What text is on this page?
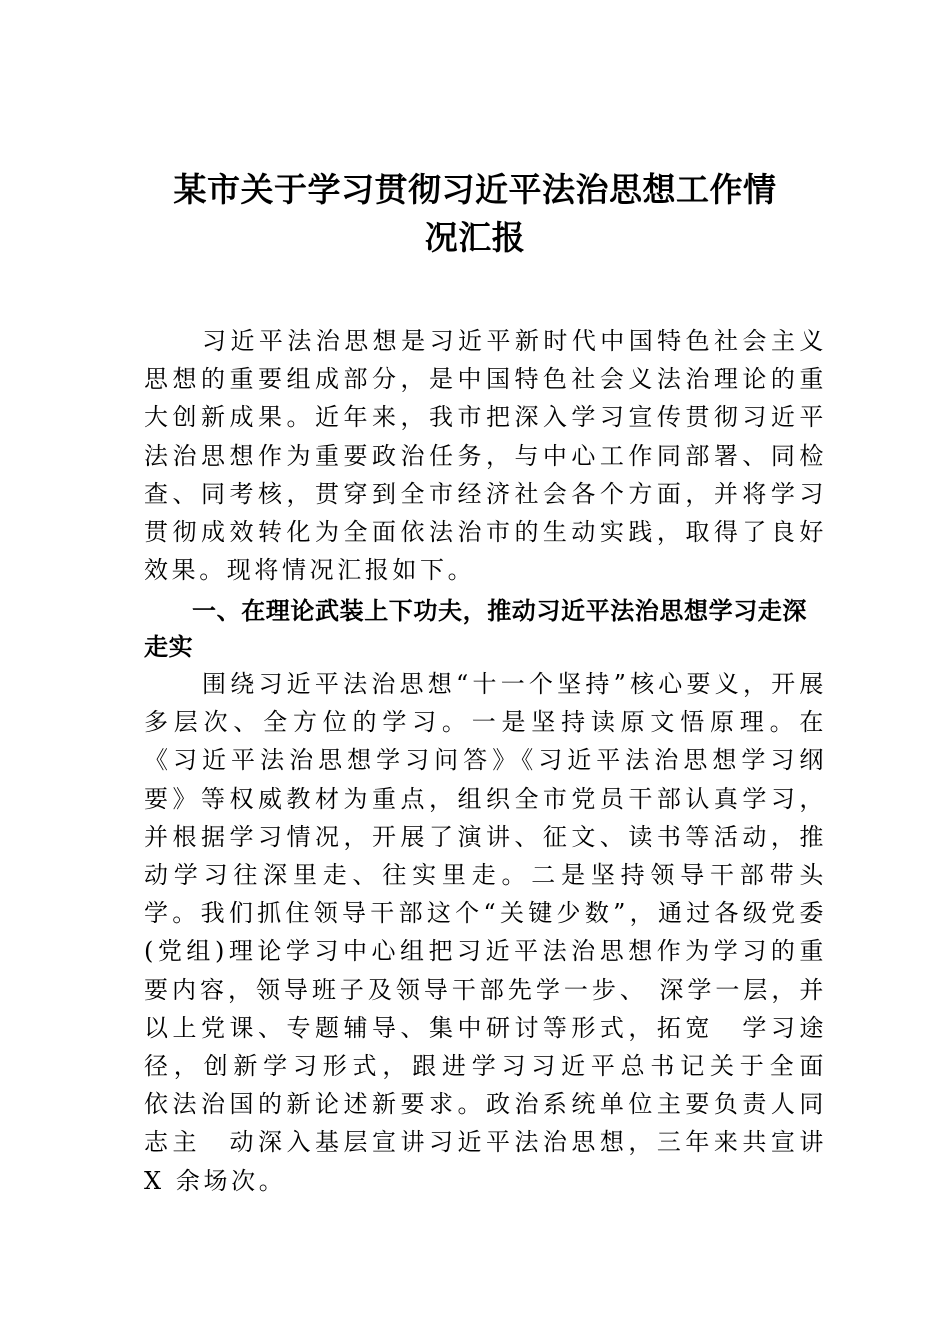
某市关于学习贯彻习近平法治思想工作情
况汇报

习近平法治思想是习近平新时代中国特色社会主义思想的重要组成部分，是中国特色社会义法治理论的重大创新成果。近年来，我市把深入学习宣传贯彻习近平法治思想作为重要政治任务，与中心工作同部署、同检查、同考核，贯穿到全市经济社会各个方面，并将学习贯彻成效转化为全面依法治市的生动实践，取得了良好效果。现将情况汇报如下。

一、在理论武装上下功夫，推动习近平法治思想学习走深走实

围绕习近平法治思想“十一个坚持”核心要义，开展多层次、全方位的学习。一是坚持读原文悟原理。在《习近平法治思想学习问答》《习近平法治思想学习纲要》等权威教材为重点，组织全市党员干部认真学习，并根据学习情况，开展了演讲、征文、读书等活动，推动学习往深里走、往实里走。二是坚持领导干部带头学。我们抓住领导干部这个“关键少数”，通过各级党委(党组)理论学习中心组把习近平法治思想作为学习的重要内容，领导班子及领导干部先学一步、 深学一层，并以上党课、专题辅导、集中研讨等形式，拓宽　学习途径，创新学习形式，跟进学习习近平总书记关于全面　依法治国的新论述新要求。政治系统单位主要负责人同志主　动深入基层宣讲习近平法治思想，三年来共宣讲 X 余场次。
